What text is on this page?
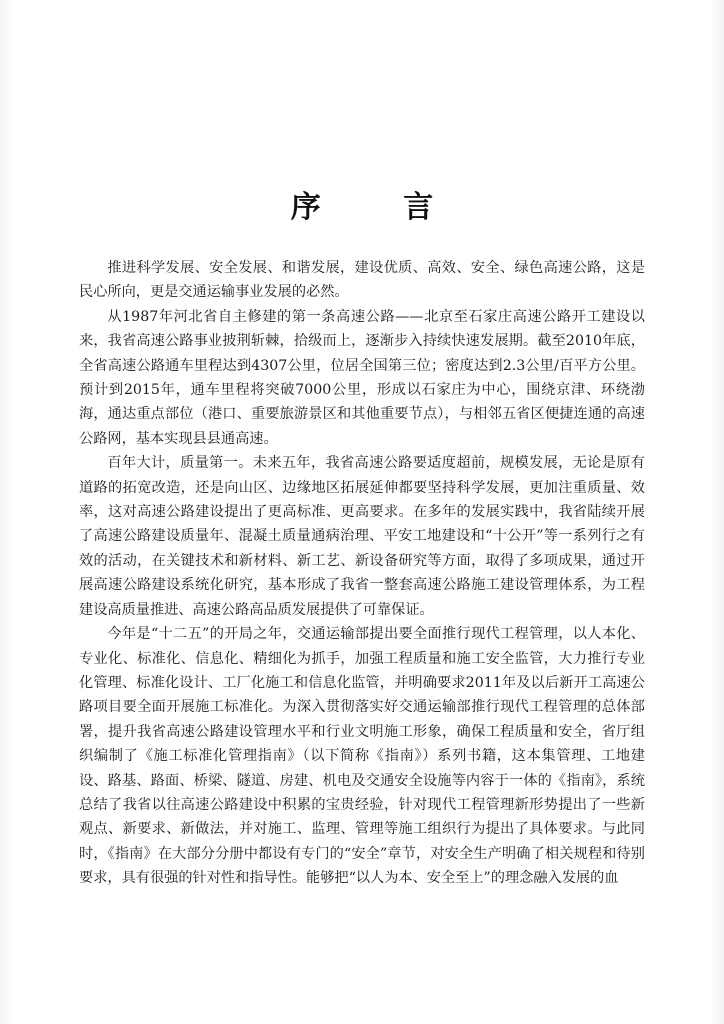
序 言

推进科学发展、安全发展、和谐发展，建设优质、高效、安全、绿色高速公路，这是民心所向，更是交通运输事业发展的必然。

从1987年河北省自主修建的第一条高速公路——北京至石家庄高速公路开工建设以来，我省高速公路事业披荆斩棘，拾级而上，逐渐步入持续快速发展期。截至2010年底，全省高速公路通车里程达到4307公里，位居全国第三位；密度达到2.3公里/百平方公里。预计到2015年，通车里程将突破7000公里，形成以石家庄为中心，围绕京津、环绕渤海，通达重点部位（港口、重要旅游景区和其他重要节点），与相邻五省区便捷连通的高速公路网，基本实现县县通高速。

百年大计，质量第一。未来五年，我省高速公路要适度超前，规模发展，无论是原有道路的拓宽改造，还是向山区、边缘地区拓展延伸都要坚持科学发展，更加注重质量、效率，这对高速公路建设提出了更高标准、更高要求。在多年的发展实践中，我省陆续开展了高速公路建设质量年、混凝土质量通病治理、平安工地建设和“十公开”等一系列行之有效的活动，在关键技术和新材料、新工艺、新设备研究等方面，取得了多项成果，通过开展高速公路建设系统化研究，基本形成了我省一整套高速公路施工建设管理体系，为工程建设高质量推进、高速公路高品质发展提供了可靠保证。

今年是“十二五”的开局之年，交通运输部提出要全面推行现代工程管理，以人本化、专业化、标准化、信息化、精细化为抓手，加强工程质量和施工安全监管，大力推行专业化管理、标准化设计、工厂化施工和信息化监管，并明确要求2011年及以后新开工高速公路项目要全面开展施工标准化。为深入贯彻落实好交通运输部推行现代工程管理的总体部署，提升我省高速公路建设管理水平和行业文明施工形象，确保工程质量和安全，省厅组织编制了《施工标准化管理指南》（以下简称《指南》）系列书籍，这本集管理、工地建设、路基、路面、桥梁、隧道、房建、机电及交通安全设施等内容于一体的《指南》，系统总结了我省以往高速公路建设中积累的宝贵经验，针对现代工程管理新形势提出了一些新观点、新要求、新做法，并对施工、监理、管理等施工组织行为提出了具体要求。与此同时，《指南》在大部分分册中都设有专门的“安全”章节，对安全生产明确了相关规程和待别要求，具有很强的针对性和指导性。能够把“以人为本、安全至上”的理念融入发展的血
